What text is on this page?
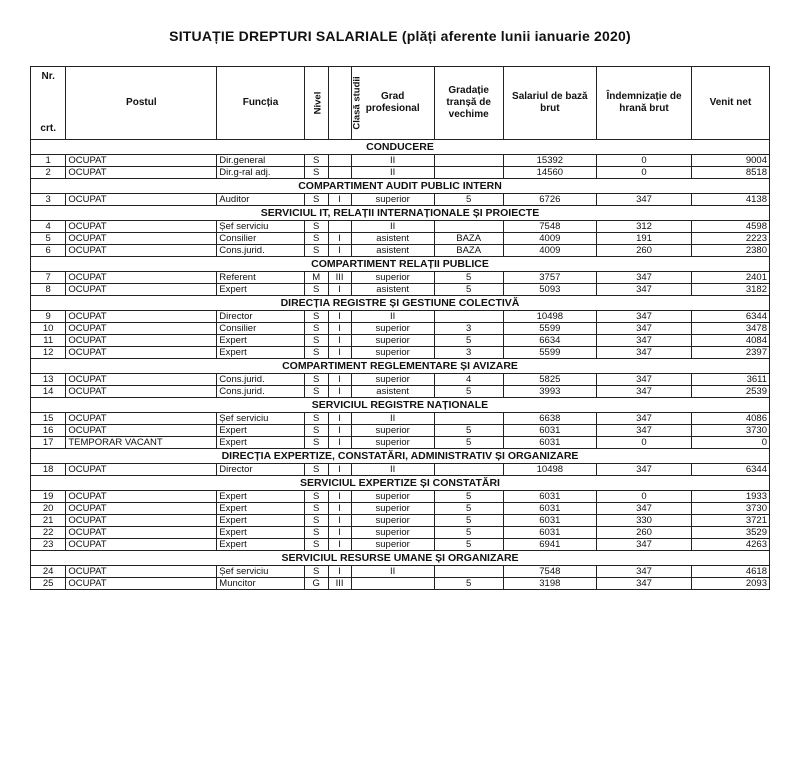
SITUAȚIE DREPTURI SALARIALE (plăți aferente lunii ianuarie 2020)
Nr.
crt.	Postul	Funcția	Nivel	Clasă studii	Grad profesional	Gradație tranșă de vechime	Salariul de bază brut	Îndemnizație de hrană brut	Venit net
CONDUCERE									
1	OCUPAT	Dir.general	S		II		15392	0	9004
2	OCUPAT	Dir.g-ral adj.	S		II		14560	0	8518
COMPARTIMENT AUDIT PUBLIC INTERN									
3	OCUPAT	Auditor	S	I	superior	5	6726	347	4138
SERVICIUL IT, RELAȚII INTERNAȚIONALE ȘI PROIECTE									
4	OCUPAT	Șef serviciu	S		II		7548	312	4598
5	OCUPAT	Consilier	S	I	asistent	BAZA	4009	191	2223
6	OCUPAT	Cons.jurid.	S	I	asistent	BAZA	4009	260	2380
COMPARTIMENT RELAȚII PUBLICE									
7	OCUPAT	Referent	M	III	superior	5	3757	347	2401
8	OCUPAT	Expert	S	I	asistent	5	5093	347	3182
DIRECȚIA REGISTRE ȘI GESTIUNE COLECTIVĂ									
9	OCUPAT	Director	S	I	II		10498	347	6344
10	OCUPAT	Consilier	S	I	superior	3	5599	347	3478
11	OCUPAT	Expert	S	I	superior	5	6634	347	4084
12	OCUPAT	Expert	S	I	superior	3	5599	347	2397
COMPARTIMENT REGLEMENTARE ȘI AVIZARE									
13	OCUPAT	Cons.jurid.	S	I	superior	4	5825	347	3611
14	OCUPAT	Cons.jurid.	S	I	asistent	5	3993	347	2539
SERVICIUL REGISTRE NAȚIONALE									
15	OCUPAT	Șef serviciu	S	I	II		6638	347	4086
16	OCUPAT	Expert	S	I	superior	5	6031	347	3730
17	TEMPORAR VACANT	Expert	S	I	superior	5	6031	0	0
DIRECȚIA EXPERTIZE, CONSTATĂRI, ADMINISTRATIV ȘI ORGANIZARE									
18	OCUPAT	Director	S	I	II		10498	347	6344
SERVICIUL EXPERTIZE ȘI CONSTATĂRI									
19	OCUPAT	Expert	S	I	superior	5	6031	0	1933
20	OCUPAT	Expert	S	I	superior	5	6031	347	3730
21	OCUPAT	Expert	S	I	superior	5	6031	330	3721
22	OCUPAT	Expert	S	I	superior	5	6031	260	3529
23	OCUPAT	Expert	S	I	superior	5	6941	347	4263
SERVICIUL RESURSE UMANE ȘI ORGANIZARE									
24	OCUPAT	Șef serviciu	S	I	II		7548	347	4618
25	OCUPAT	Muncitor	G	III		5	3198	347	2093
